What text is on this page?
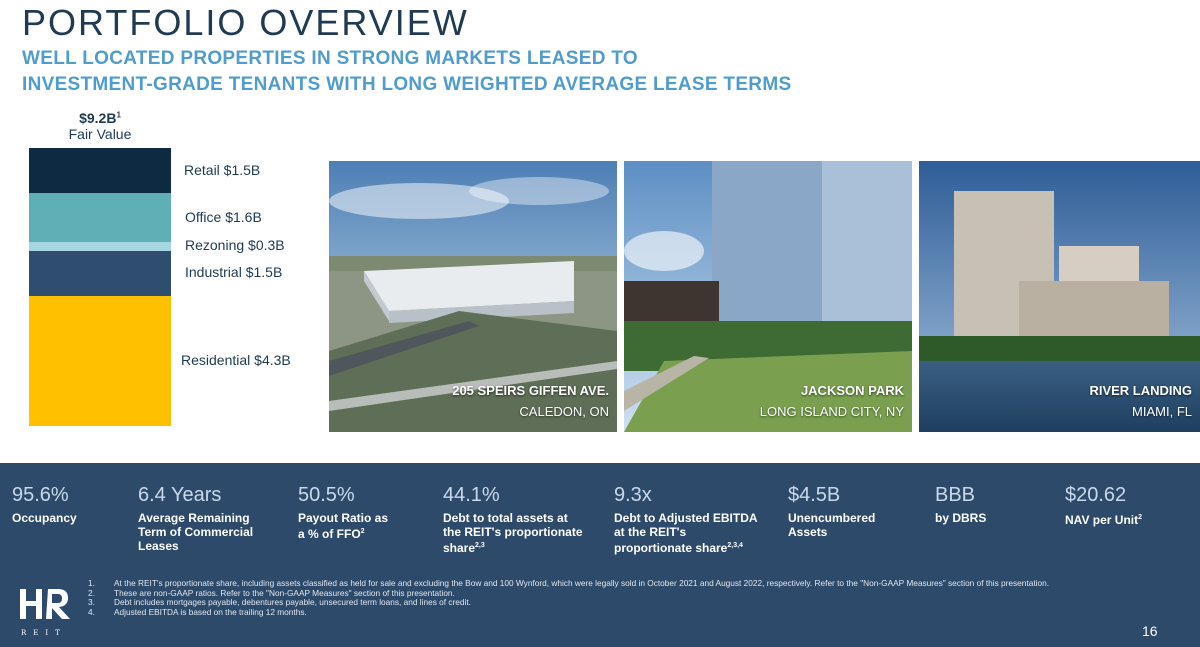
PORTFOLIO OVERVIEW
WELL LOCATED PROPERTIES IN STRONG MARKETS LEASED TO
INVESTMENT-GRADE TENANTS WITH LONG WEIGHTED AVERAGE LEASE TERMS
$\$9.2B^1$
Fair Value
Retail $1.5B
Office $1.6B
Rezoning $0.3B
Industrial $1.5B
Residential $4.3B
205 SPEIRS GIFFEN AVE.
CALEDON, ON
JACKSON PARK
LONG ISLAND CITY, NY
RIVER LANDING
MIAMI, FL
95.6%
Occupancy
6.4 Years
Average Remaining Term of Commercial Leases
50.5%
Payout Ratio as a % of FFO$^2$
44.1%
Debt to total assets at the REIT's proportionate share$^{2,3}$
9.3x
Debt to Adjusted EBITDA at the REIT's proportionate share$^{2,3,4}$
$4.5B
Unencumbered Assets
BBB
by DBRS
$20.62
NAV per Unit$^2$
REIT
1.	At the REIT's proportionate share, including assets classified as held for sale and excluding the Bow and 100 Wynford, which were legally sold in October 2021 and August 2022, respectively. Refer to the "Non-GAAP Measures" section of this presentation.
2.	These are non-GAAP ratios. Refer to the "Non-GAAP Measures" section of this presentation.
3.	Debt includes mortgages payable, debentures payable, unsecured term loans, and lines of credit.
4.	Adjusted EBITDA is based on the trailing 12 months.
16
